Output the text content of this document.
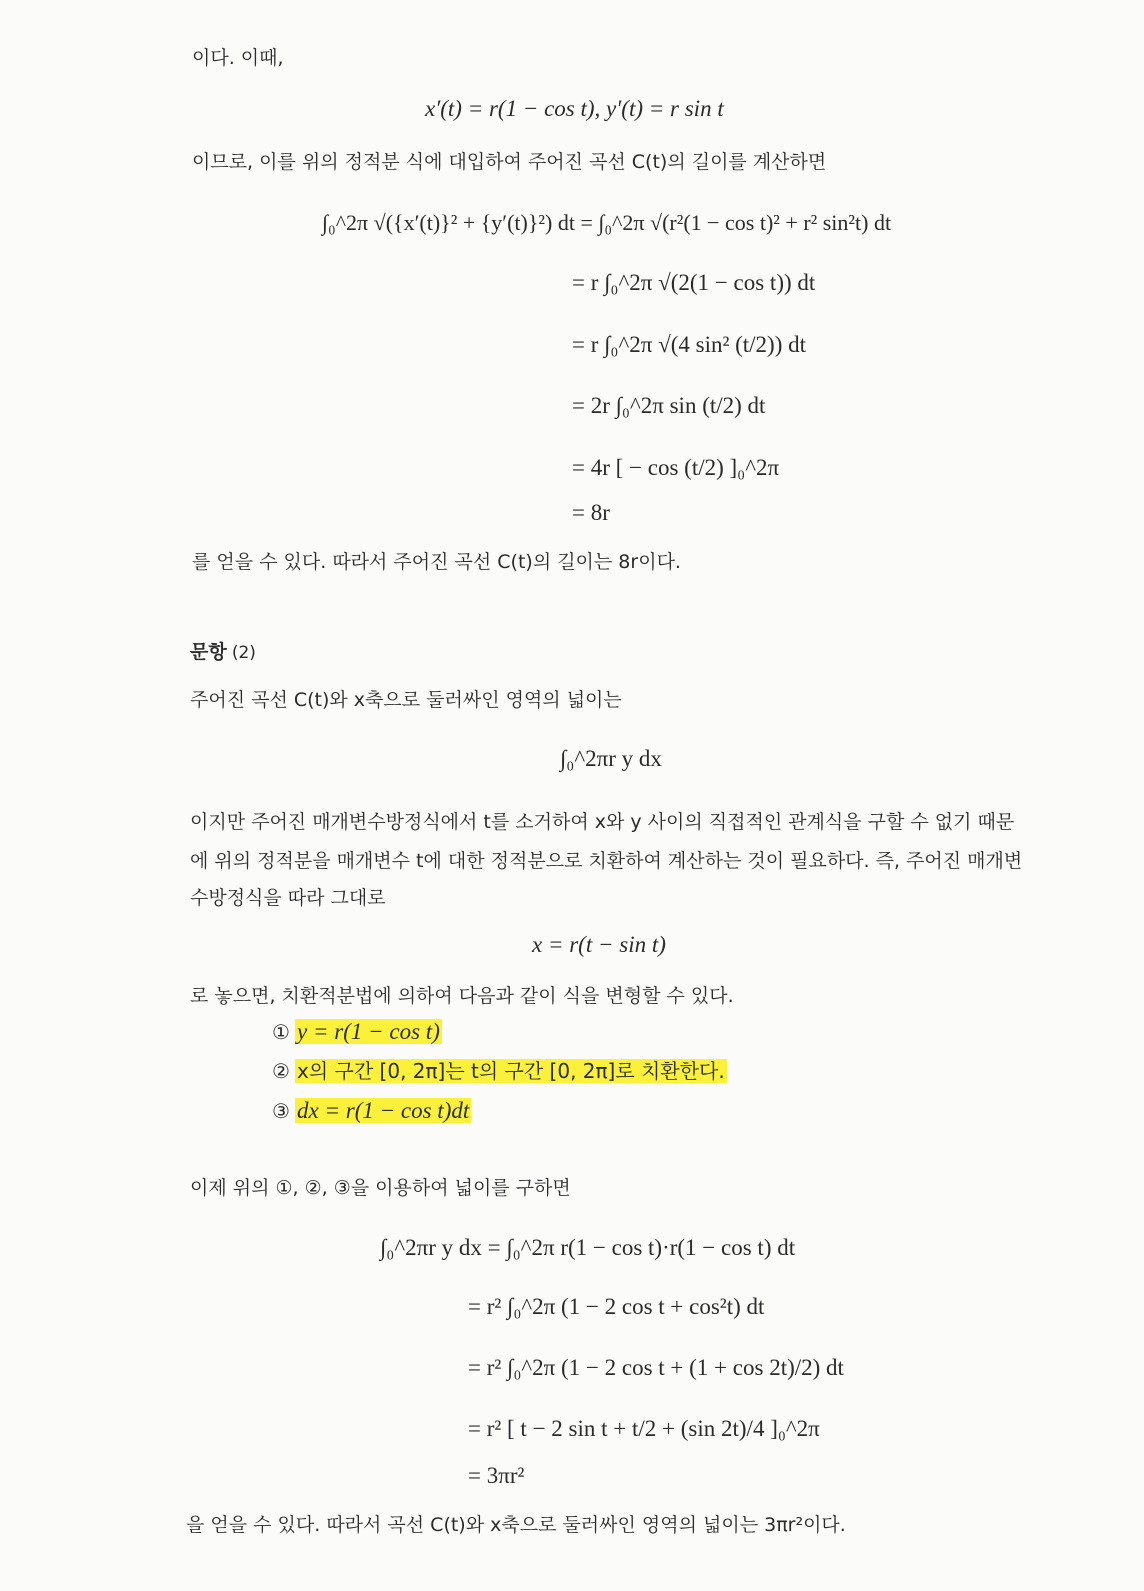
이다. 이때,
x′(t) = r(1 − cos t), y′(t) = r sin t
이므로, 이를 위의 정적분 식에 대입하여 주어진 곡선 C(t)의 길이를 계산하면
∫₀^2π √({x′(t)}² + {y′(t)}²) dt = ∫₀^2π √(r²(1 − cos t)² + r² sin²t) dt
= r ∫₀^2π √(2(1 − cos t)) dt
= r ∫₀^2π √(4 sin² (t/2)) dt
= 2r ∫₀^2π sin (t/2) dt
= 4r [ − cos (t/2) ]₀^2π
= 8r
를 얻을 수 있다. 따라서 주어진 곡선 C(t)의 길이는 8r이다.
문항 (2)
주어진 곡선 C(t)와 x축으로 둘러싸인 영역의 넓이는
∫₀^2πr y dx
이지만 주어진 매개변수방정식에서 t를 소거하여 x와 y 사이의 직접적인 관계식을 구할 수 없기 때문
에 위의 정적분을 매개변수 t에 대한 정적분으로 치환하여 계산하는 것이 필요하다. 즉, 주어진 매개변
수방정식을 따라 그대로
x = r(t − sin t)
로 놓으면, 치환적분법에 의하여 다음과 같이 식을 변형할 수 있다.
① y = r(1 − cos t)
② x의 구간 [0, 2π]는 t의 구간 [0, 2π]로 치환한다.
③ dx = r(1 − cos t)dt
이제 위의 ①, ②, ③을 이용하여 넓이를 구하면
∫₀^2πr y dx = ∫₀^2π r(1 − cos t)·r(1 − cos t) dt
= r² ∫₀^2π (1 − 2 cos t + cos²t) dt
= r² ∫₀^2π (1 − 2 cos t + (1 + cos 2t)/2) dt
= r² [ t − 2 sin t + t/2 + (sin 2t)/4 ]₀^2π
= 3πr²
을 얻을 수 있다. 따라서 곡선 C(t)와 x축으로 둘러싸인 영역의 넓이는 3πr²이다.
